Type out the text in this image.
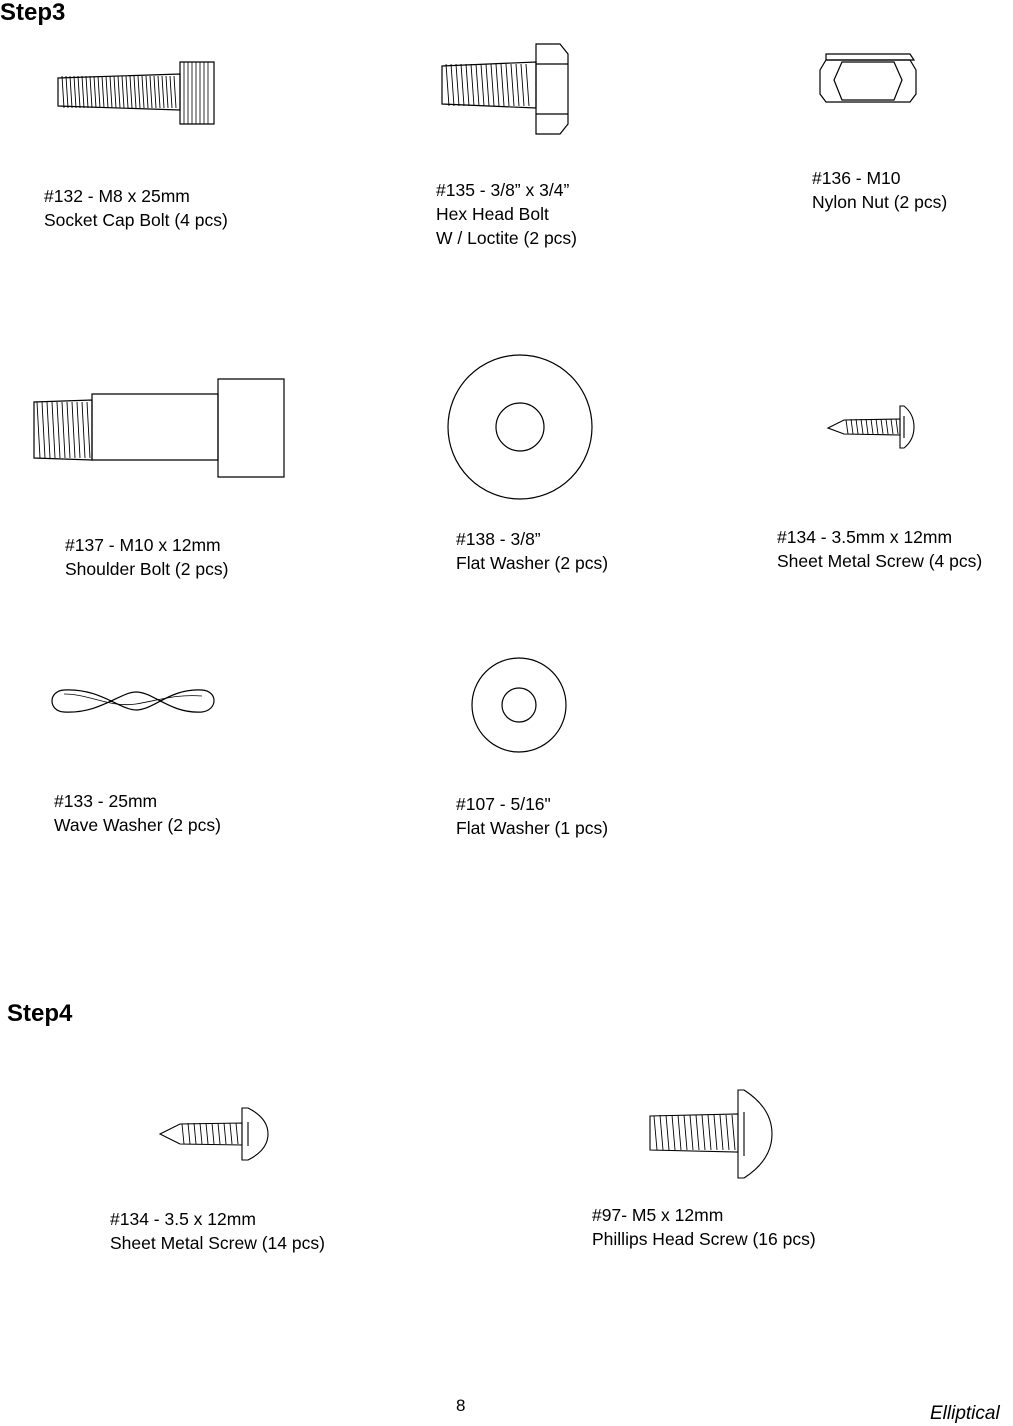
Step3
#132 - M8 x 25mm
Socket Cap Bolt (4 pcs)
#135 - 3/8” x 3/4”
Hex Head Bolt
W / Loctite (2 pcs)
#136 - M10
Nylon Nut (2 pcs)
#137 - M10 x 12mm
Shoulder Bolt (2 pcs)
#138 - 3/8”
Flat Washer (2 pcs)
#134 - 3.5mm x 12mm
Sheet Metal Screw (4 pcs)
#133 - 25mm
Wave Washer (2 pcs)
#107 - 5/16"
Flat Washer (1 pcs)
Step4
#134 - 3.5 x 12mm
Sheet Metal Screw (14 pcs)
#97- M5 x 12mm
Phillips Head Screw (16 pcs)
8	Elliptical
